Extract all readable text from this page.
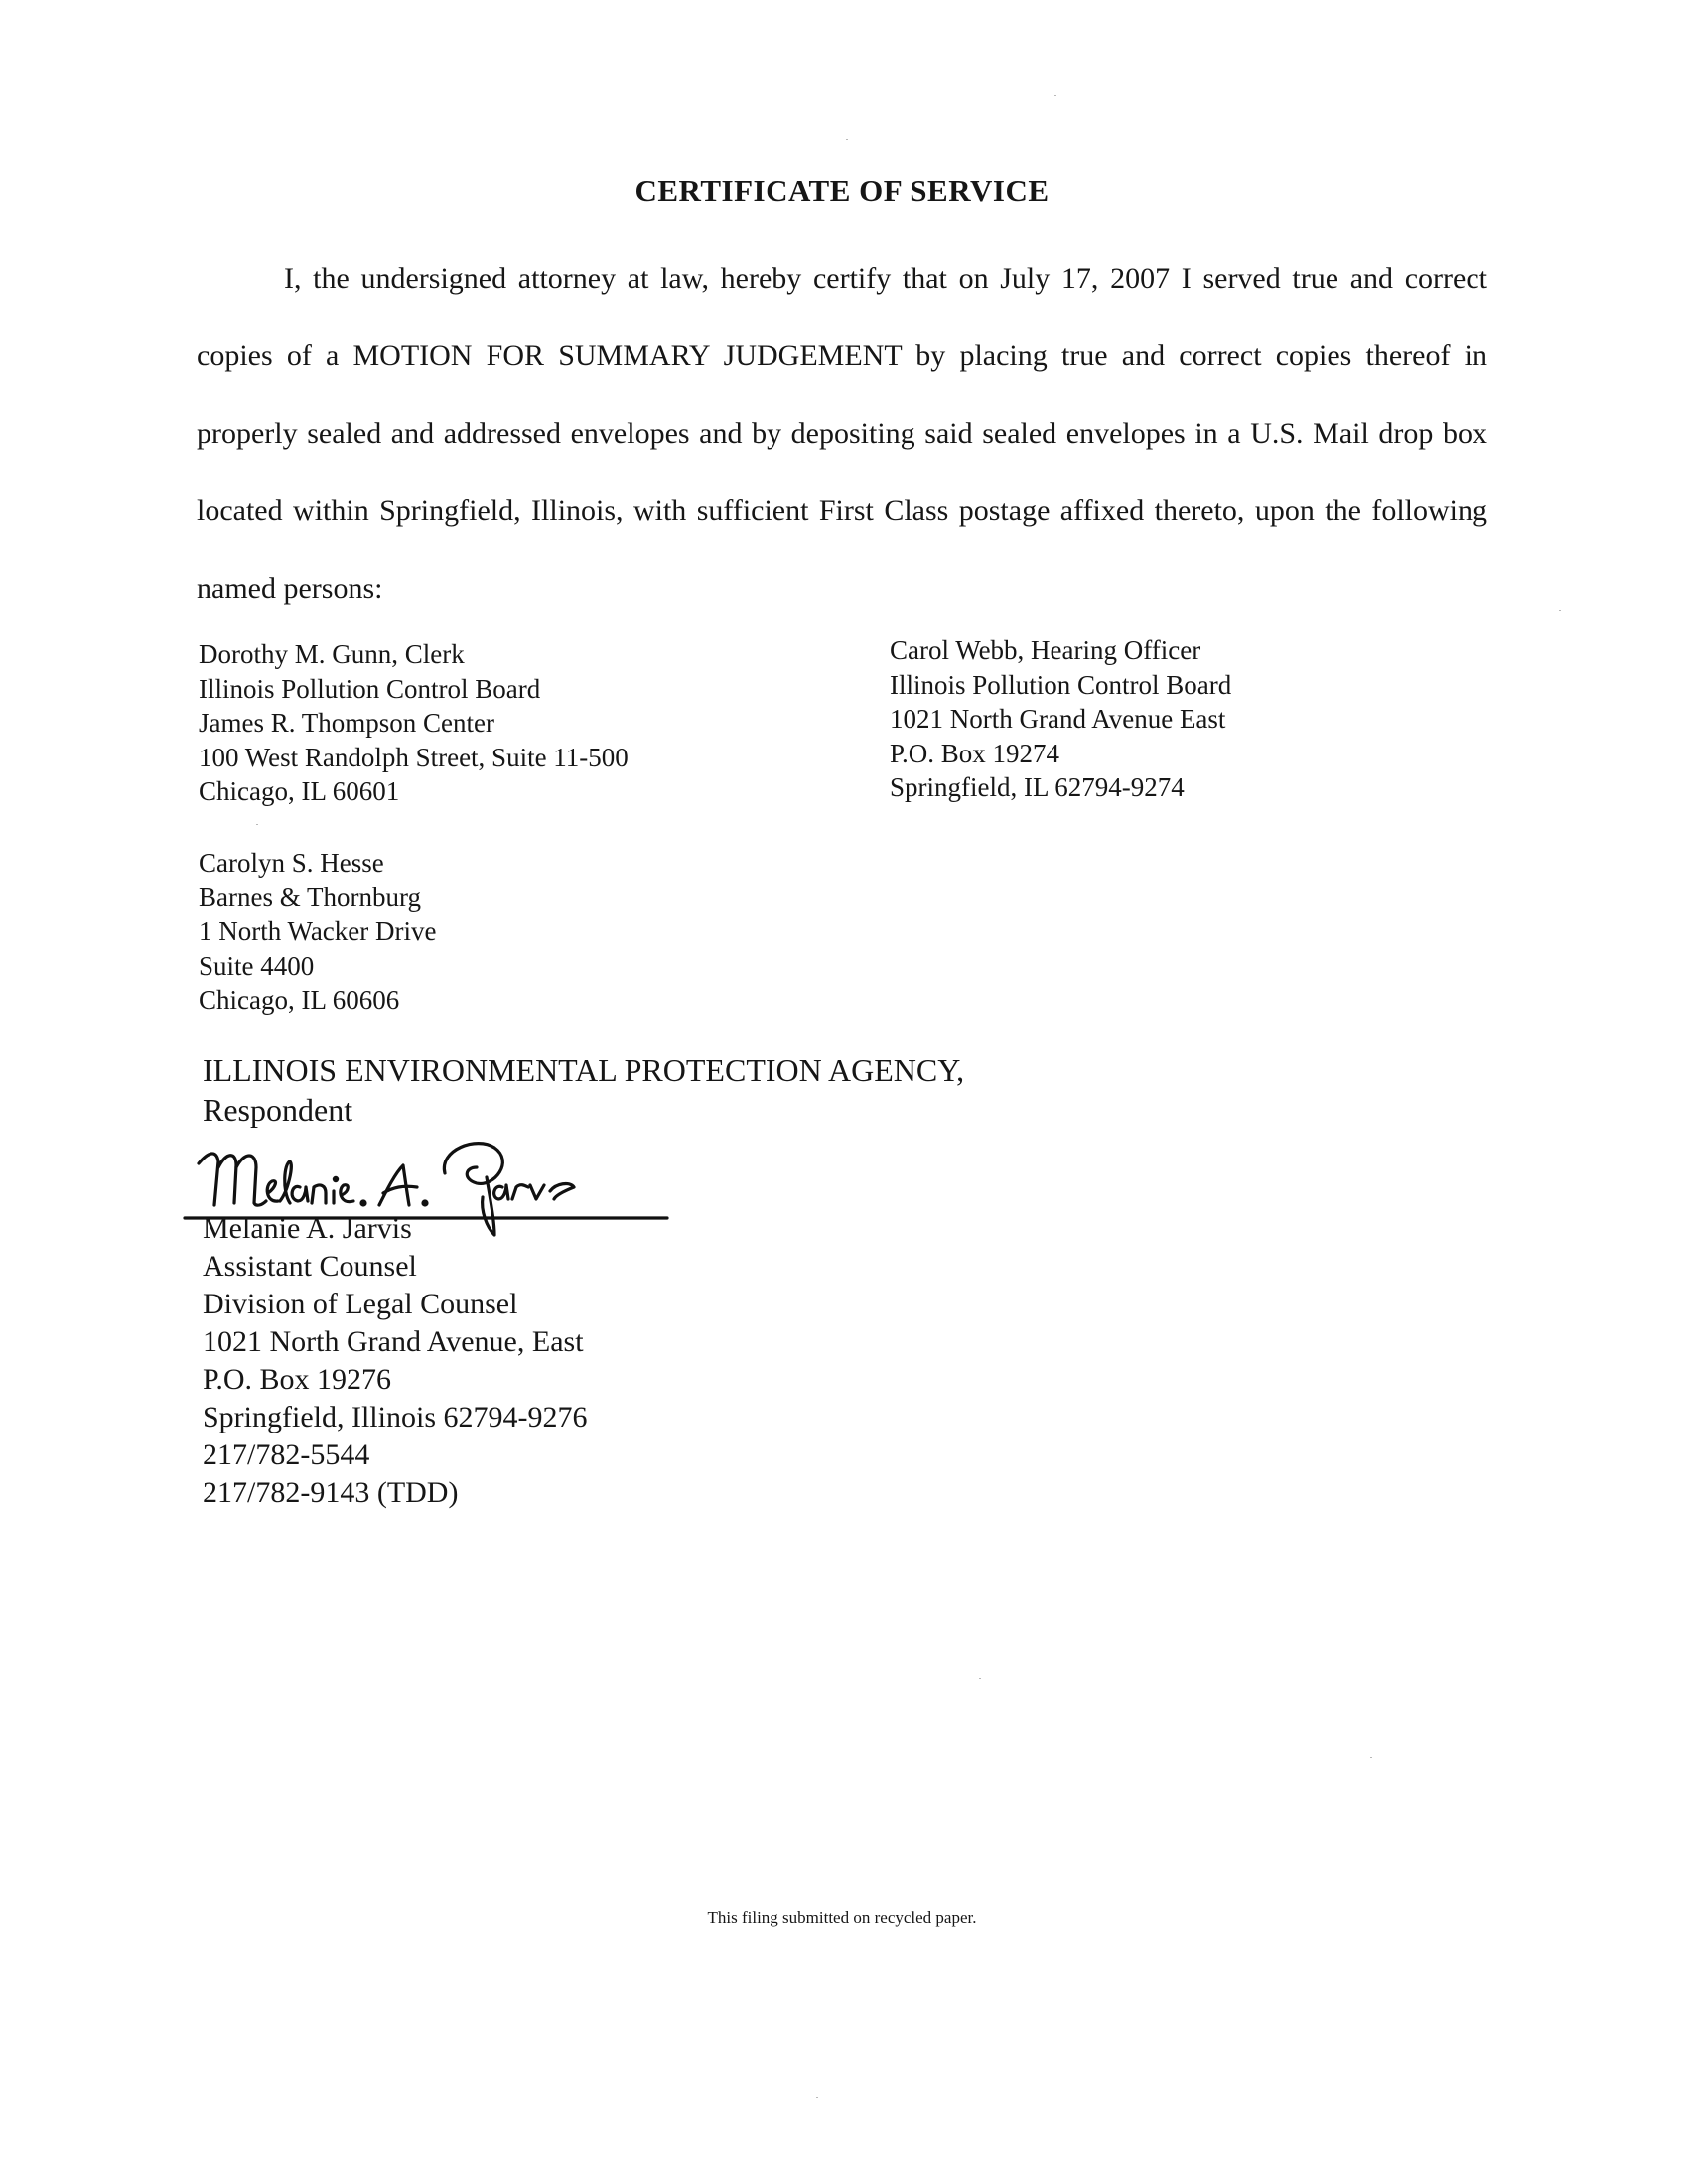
CERTIFICATE OF SERVICE

I, the undersigned attorney at law, hereby certify that on July 17, 2007 I served true and correct copies of a MOTION FOR SUMMARY JUDGEMENT by placing true and correct copies thereof in properly sealed and addressed envelopes and by depositing said sealed envelopes in a U.S. Mail drop box located within Springfield, Illinois, with sufficient First Class postage affixed thereto, upon the following named persons:

Dorothy M. Gunn, Clerk
Illinois Pollution Control Board
James R. Thompson Center
100 West Randolph Street, Suite 11-500
Chicago, IL 60601
Carol Webb, Hearing Officer
Illinois Pollution Control Board
1021 North Grand Avenue East
P.O. Box 19274
Springfield, IL 62794-9274
Carolyn S. Hesse
Barnes & Thornburg
1 North Wacker Drive
Suite 4400
Chicago, IL 60606
ILLINOIS ENVIRONMENTAL PROTECTION AGENCY,
Respondent
Melanie A. Jarvis
Assistant Counsel
Division of Legal Counsel
1021 North Grand Avenue, East
P.O. Box 19276
Springfield, Illinois 62794-9276
217/782-5544
217/782-9143 (TDD)
This filing submitted on recycled paper.
